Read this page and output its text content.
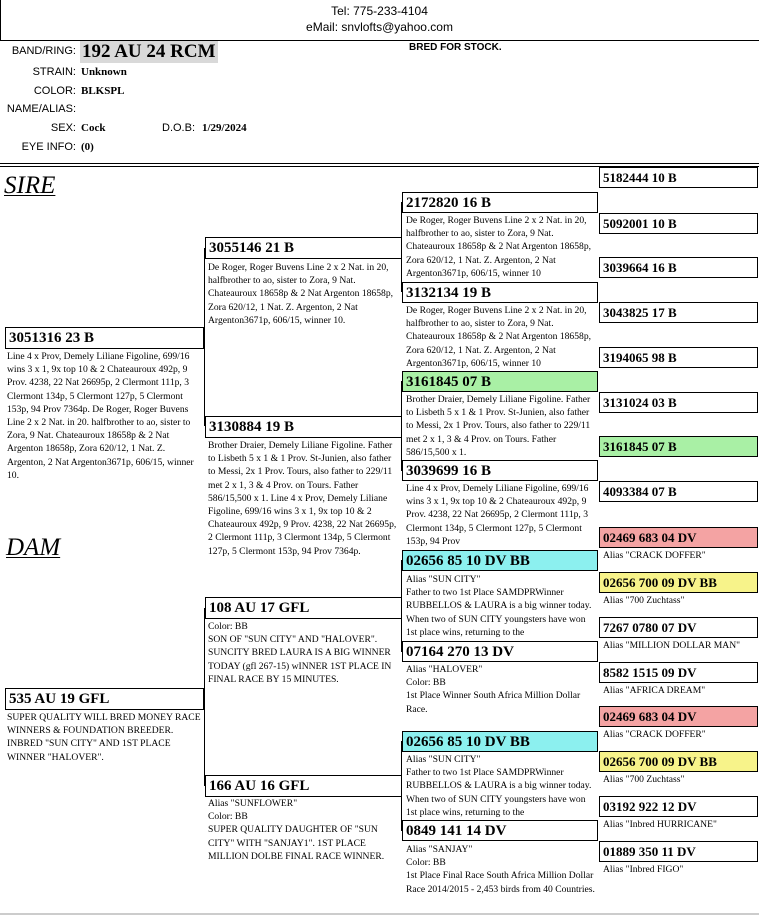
Tel: 775-233-4104
eMail: snvlofts@yahoo.com
BAND/RING: 192 AU 24 RCM
STRAIN: Unknown
COLOR: BLKSPL
NAME/ALIAS:
SEX: Cock	D.O.B: 1/29/2024
EYE INFO: (0)
BRED FOR STOCK.
SIRE
DAM
3051316 23 B
Line 4 x Prov, Demely Liliane Figoline, 699/16 wins 3 x 1, 9x top 10 & 2 Chateauroux 492p, 9 Prov. 4238, 22 Nat 26695p, 2 Clermont 111p, 3 Clermont 134p, 5 Clermont 127p, 5 Clermont 153p, 94 Prov 7364p. De Roger, Roger Buvens Line 2 x 2 Nat. in 20. halfbrother to ao, sister to Zora, 9 Nat. Chateauroux 18658p & 2 Nat Argenton 18658p, Zora 620/12, 1 Nat. Z. Argenton, 2 Nat Argenton3671p, 606/15, winner 10.
535 AU 19 GFL
SUPER QUALITY WILL BRED MONEY RACE WINNERS & FOUNDATION BREEDER. INBRED "SUN CITY" AND 1ST PLACE WINNER "HALOVER".
3055146 21 B
De Roger, Roger Buvens Line 2 x 2 Nat. in 20, halfbrother to ao, sister to Zora, 9 Nat. Chateauroux 18658p & 2 Nat Argenton 18658p, Zora 620/12, 1 Nat. Z. Argenton, 2 Nat Argenton3671p, 606/15, winner 10.
3130884 19 B
Brother Draier, Demely Liliane Figoline. Father to Lisbeth 5 x 1 & 1 Prov. St-Junien, also father to Messi, 2x 1 Prov. Tours, also father to 229/11 met 2 x 1, 3 & 4 Prov. on Tours. Father 586/15,500 x 1. Line 4 x Prov, Demely Liliane Figoline, 699/16 wins 3 x 1, 9x top 10 & 2 Chateauroux 492p, 9 Prov. 4238, 22 Nat 26695p, 2 Clermont 111p, 3 Clermont 134p, 5 Clermont 127p, 5 Clermont 153p, 94 Prov 7364p.
108 AU 17 GFL
Color: BB
SON OF "SUN CITY" AND "HALOVER". SUNCITY BRED LAURA IS A BIG WINNER TODAY (gfl 267-15) wINNER 1ST PLACE IN FINAL RACE BY 15 MINUTES.
166 AU 16 GFL
Alias "SUNFLOWER"
Color: BB
SUPER QUALITY DAUGHTER OF "SUN CITY" WITH "SANJAY1". 1ST PLACE MILLION DOLBE FINAL RACE WINNER.
2172820 16 B
De Roger, Roger Buvens Line 2 x 2 Nat. in 20, halfbrother to ao, sister to Zora, 9 Nat. Chateauroux 18658p & 2 Nat Argenton 18658p, Zora 620/12, 1 Nat. Z. Argenton, 2 Nat Argenton3671p, 606/15, winner 10
3132134 19 B
De Roger, Roger Buvens Line 2 x 2 Nat. in 20, halfbrother to ao, sister to Zora, 9 Nat. Chateauroux 18658p & 2 Nat Argenton 18658p, Zora 620/12, 1 Nat. Z. Argenton, 2 Nat Argenton3671p, 606/15, winner 10
3161845 07 B
Brother Draier, Demely Liliane Figoline. Father to Lisbeth 5 x 1 & 1 Prov. St-Junien, also father to Messi, 2x 1 Prov. Tours, also father to 229/11 met 2 x 1, 3 & 4 Prov. on Tours. Father 586/15,500 x 1.
3039699 16 B
Line 4 x Prov, Demely Liliane Figoline, 699/16 wins 3 x 1, 9x top 10 & 2 Chateauroux 492p, 9 Prov. 4238, 22 Nat 26695p, 2 Clermont 111p, 3 Clermont 134p, 5 Clermont 127p, 5 Clermont 153p, 94 Prov
02656 85 10 DV BB
Alias "SUN CITY"
Father to two 1st Place SAMDPRWinner RUBBELLOS & LAURA is a big winner today. When two of SUN CITY youngsters have won 1st place wins, returning to the
07164 270 13 DV
Alias "HALOVER"
Color: BB
1st Place Winner South Africa Million Dollar Race.
02656 85 10 DV BB
Alias "SUN CITY"
Father to two 1st Place SAMDPRWinner RUBBELLOS & LAURA is a big winner today. When two of SUN CITY youngsters have won 1st place wins, returning to the
0849 141 14 DV
Alias "SANJAY"
Color: BB
1st Place Final Race South Africa Million Dollar Race 2014/2015 - 2,453 birds from 40 Countries.
5182444 10 B
5092001 10 B
3039664 16 B
3043825 17 B
3194065 98 B
3131024 03 B
3161845 07 B
4093384 07 B
02469 683 04 DV
Alias "CRACK DOFFER"
02656 700 09 DV BB
Alias "700 Zuchtass"
7267 0780 07 DV
Alias "MILLION DOLLAR MAN"
8582 1515 09 DV
Alias "AFRICA DREAM"
02469 683 04 DV
Alias "CRACK DOFFER"
02656 700 09 DV BB
Alias "700 Zuchtass"
03192 922 12 DV
Alias "Inbred HURRICANE"
01889 350 11 DV
Alias "Inbred FIGO"
